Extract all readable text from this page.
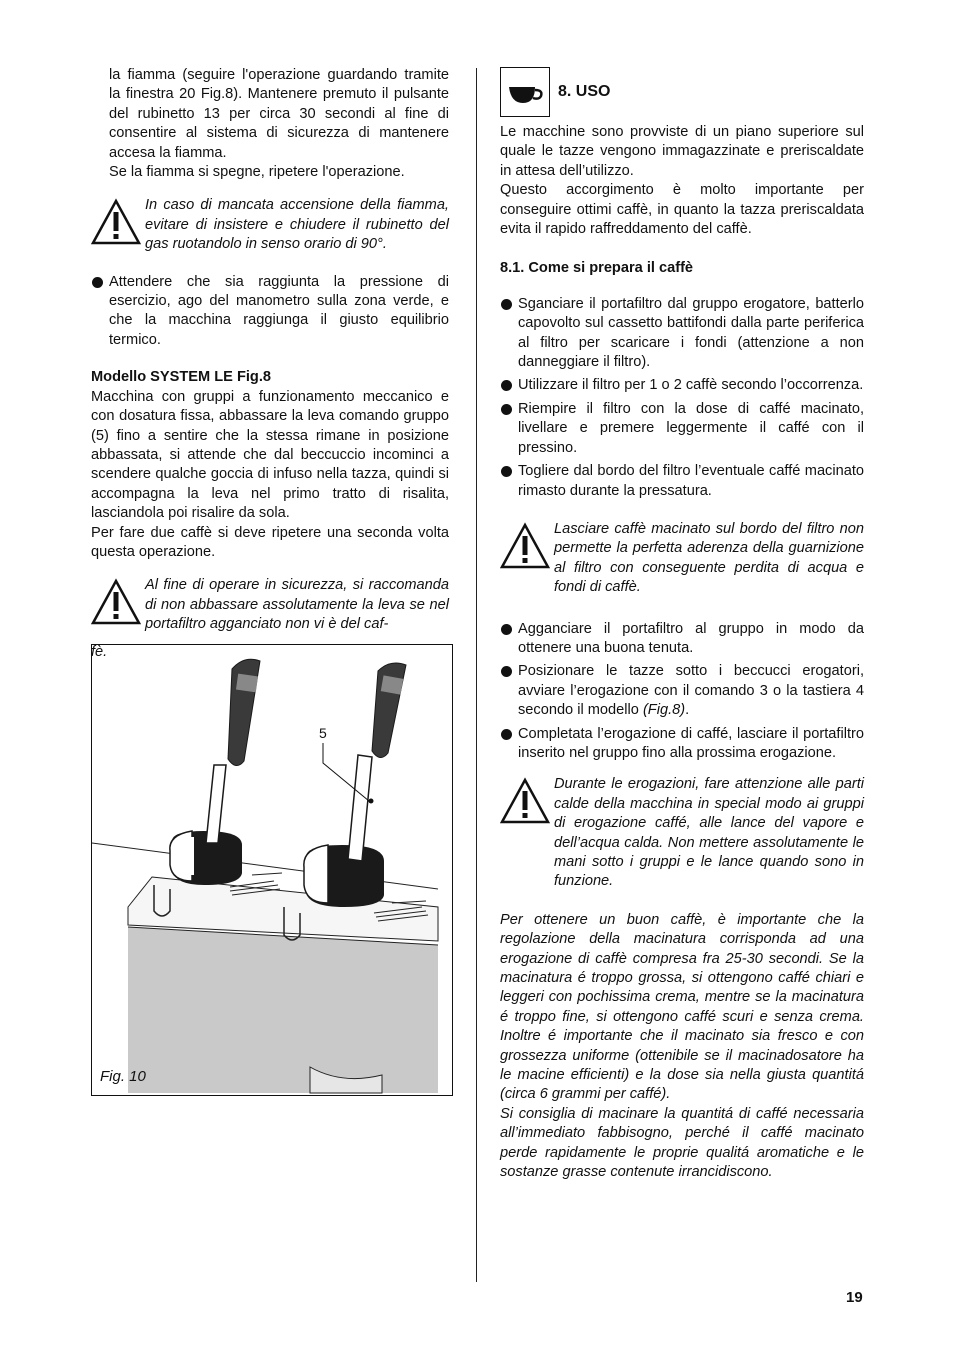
la fiamma (seguire l'operazione guardando tramite la finestra 20 Fig.8). Mantenere premuto il pulsante del rubinetto 13 per circa 30 secondi al fine di consentire al sistema di sicurezza di mantenere accesa la fiamma.

Se la fiamma si spegne, ripetere l'operazione.

In caso di mancata accensione della fiamma, evitare di insistere e chiudere il rubinetto del gas ruotandolo in senso orario di 90°.

Attendere che sia raggiunta la pressione di esercizio, ago del manometro sulla zona verde, e che la macchina raggiunga il giusto equilibrio termico.

Modello SYSTEM LE Fig.8

Macchina con gruppi a funzionamento meccanico e con dosatura fissa, abbassare la leva comando gruppo (5) fino a sentire che la stessa rimane in posizione abbassata, si attende che dal beccuccio incominci a scendere qualche goccia di infuso nella tazza, quindi si accompagna la leva nel primo tratto di risalita, lasciandola poi risalire da sola.

Per fare due caffè si deve ripetere una seconda volta questa operazione.

Al fine di operare in sicurezza, si raccomanda di non abbassare assolutamente la leva se nel portafiltro agganciato non vi è del caf-

fè.
5
Fig. 10
8. USO

Le macchine sono provviste di un piano superiore sul quale le tazze vengono immagazzinate e preriscaldate in attesa dell’utilizzo.

Questo accorgimento è molto importante per conseguire ottimi caffè, in quanto la tazza preriscaldata evita il rapido raffreddamento del caffè.

8.1. Come si prepara il caffè

Sganciare il portafiltro dal gruppo erogatore, batterlo capovolto sul cassetto battifondi dalla parte periferica al filtro per scaricare i fondi (attenzione a non danneggiare il filtro).

Utilizzare il filtro per 1 o 2 caffè secondo l’occorrenza.

Riempire il filtro con la dose di caffé macinato, livellare e premere leggermente il caffé con il pressino.

Togliere dal bordo del filtro l’eventuale caffé macinato rimasto durante la pressatura.

Lasciare caffè macinato sul bordo del filtro non permette la perfetta aderenza della guarnizione al filtro con conseguente perdita di acqua e fondi di caffè.

Agganciare il portafiltro al gruppo in modo da ottenere una buona tenuta.

Posizionare le tazze sotto i beccucci erogatori, avviare l’erogazione con il comando 3 o la tastiera 4 secondo il modello (Fig.8).

Completata l’erogazione di caffé, lasciare il portafiltro inserito nel gruppo fino alla prossima erogazione.

Durante le erogazioni, fare attenzione alle parti calde della macchina in special modo ai gruppi di erogazione caffé, alle lance del vapore e dell’acqua calda. Non mettere assolutamente le mani sotto i gruppi e le lance quando sono in funzione.

Per ottenere un buon caffè, è importante che la regolazione della macinatura corrisponda ad una erogazione di caffè compresa fra 25-30 secondi. Se la macinatura é troppo grossa, si ottengono caffé chiari e leggeri con pochissima crema, mentre se la macinatura é troppo fine, si ottengono caffé scuri e senza crema. Inoltre é importante che il macinato sia fresco e con grossezza uniforme (ottenibile se il macinadosatore ha le macine efficienti) e la dose sia nella giusta quantitá (circa 6 grammi per caffé).

Si consiglia di macinare la quantitá di caffé necessaria all’immediato fabbisogno, perché il caffé macinato perde rapidamente le proprie qualitá aromatiche e le sostanze grasse contenute irrancidiscono.

19
